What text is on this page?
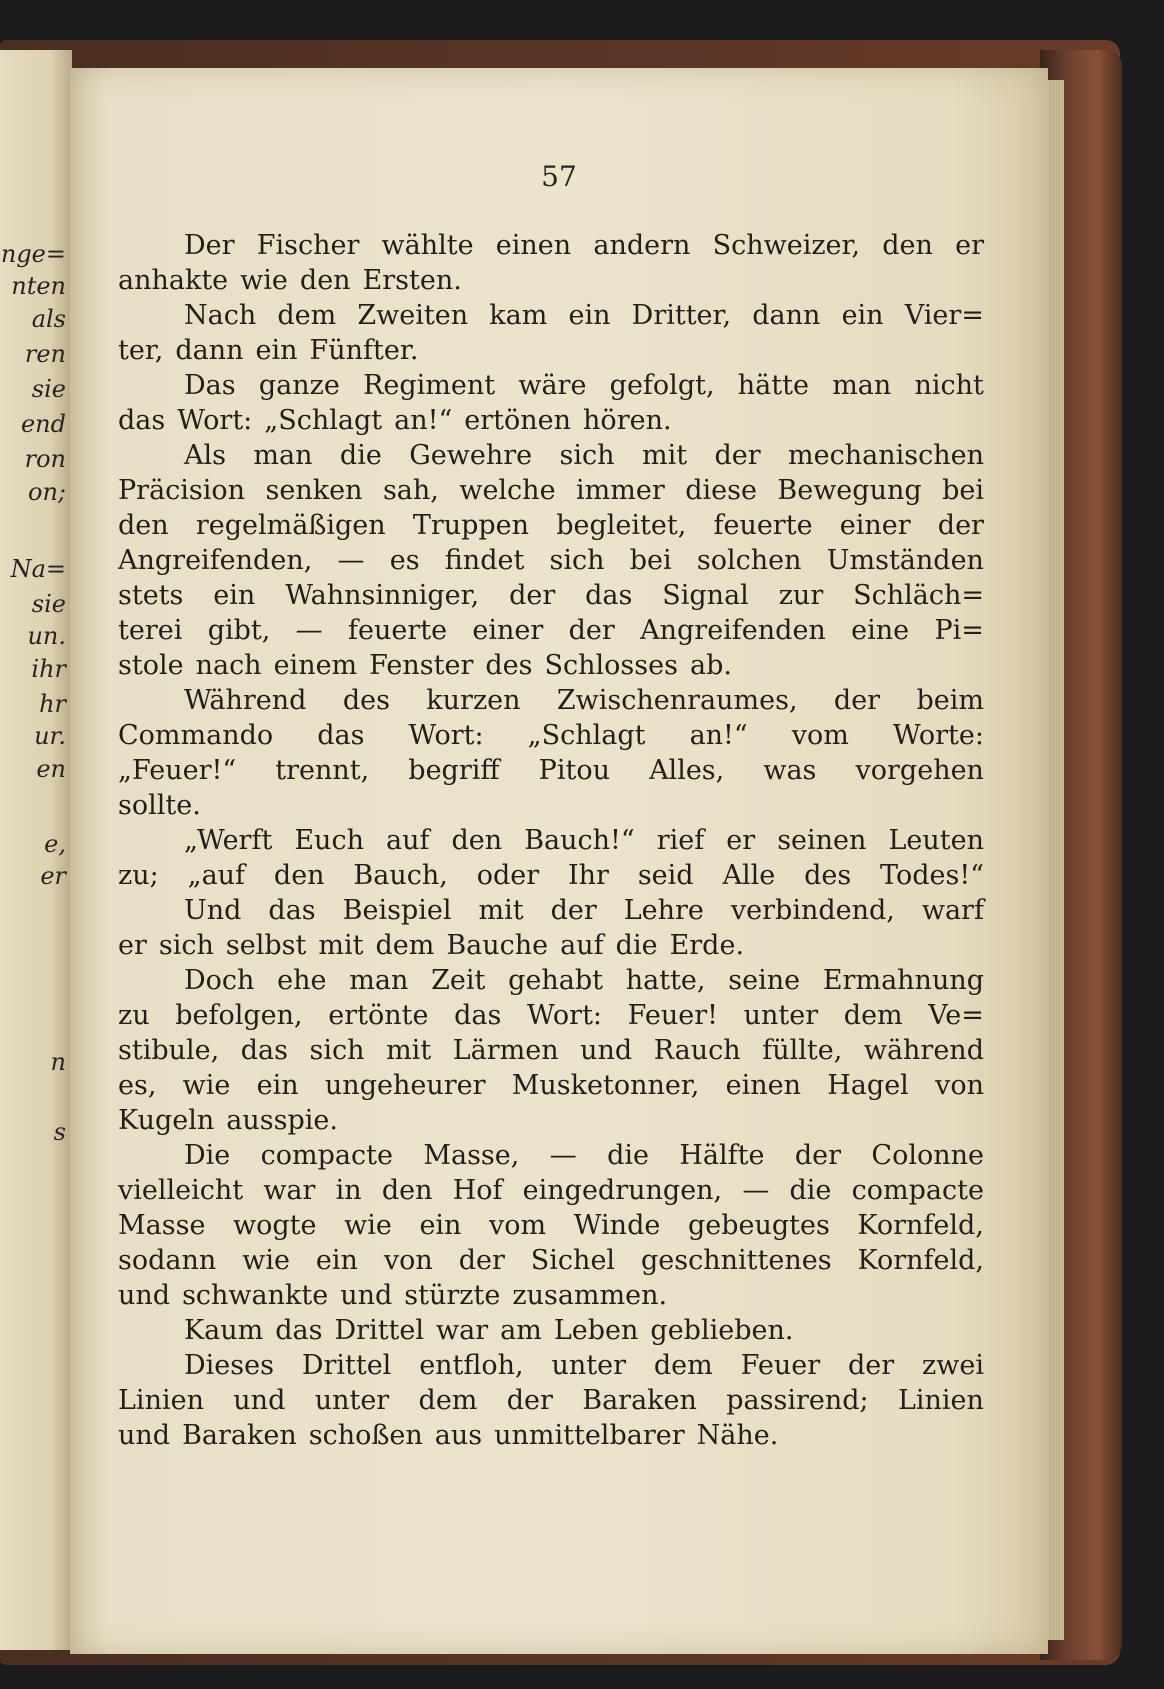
nge=
nten
als
ren
sie
end
ron
on;
Na=
sie
un.
ihr
hr
ur.
en
e,
er
n
s
57
Der Fischer wählte einen andern Schweizer, den er
anhakte wie den Ersten.
Nach dem Zweiten kam ein Dritter, dann ein Vier=
ter, dann ein Fünfter.
Das ganze Regiment wäre gefolgt, hätte man nicht
das Wort: „Schlagt an!“ ertönen hören.
Als man die Gewehre sich mit der mechanischen
Präcision senken sah, welche immer diese Bewegung bei
den regelmäßigen Truppen begleitet, feuerte einer der
Angreifenden, — es findet sich bei solchen Umständen
stets ein Wahnsinniger, der das Signal zur Schläch=
terei gibt, — feuerte einer der Angreifenden eine Pi=
stole nach einem Fenster des Schlosses ab.
Während des kurzen Zwischenraumes, der beim
Commando das Wort: „Schlagt an!“ vom Worte:
„Feuer!“ trennt, begriff Pitou Alles, was vorgehen
sollte.
„Werft Euch auf den Bauch!“ rief er seinen Leuten
zu; „auf den Bauch, oder Ihr seid Alle des Todes!“
Und das Beispiel mit der Lehre verbindend, warf
er sich selbst mit dem Bauche auf die Erde.
Doch ehe man Zeit gehabt hatte, seine Ermahnung
zu befolgen, ertönte das Wort: Feuer! unter dem Ve=
stibule, das sich mit Lärmen und Rauch füllte, während
es, wie ein ungeheurer Musketonner, einen Hagel von
Kugeln ausspie.
Die compacte Masse, — die Hälfte der Colonne
vielleicht war in den Hof eingedrungen, — die compacte
Masse wogte wie ein vom Winde gebeugtes Kornfeld,
sodann wie ein von der Sichel geschnittenes Kornfeld,
und schwankte und stürzte zusammen.
Kaum das Drittel war am Leben geblieben.
Dieses Drittel entfloh, unter dem Feuer der zwei
Linien und unter dem der Baraken passirend; Linien
und Baraken schoßen aus unmittelbarer Nähe.
